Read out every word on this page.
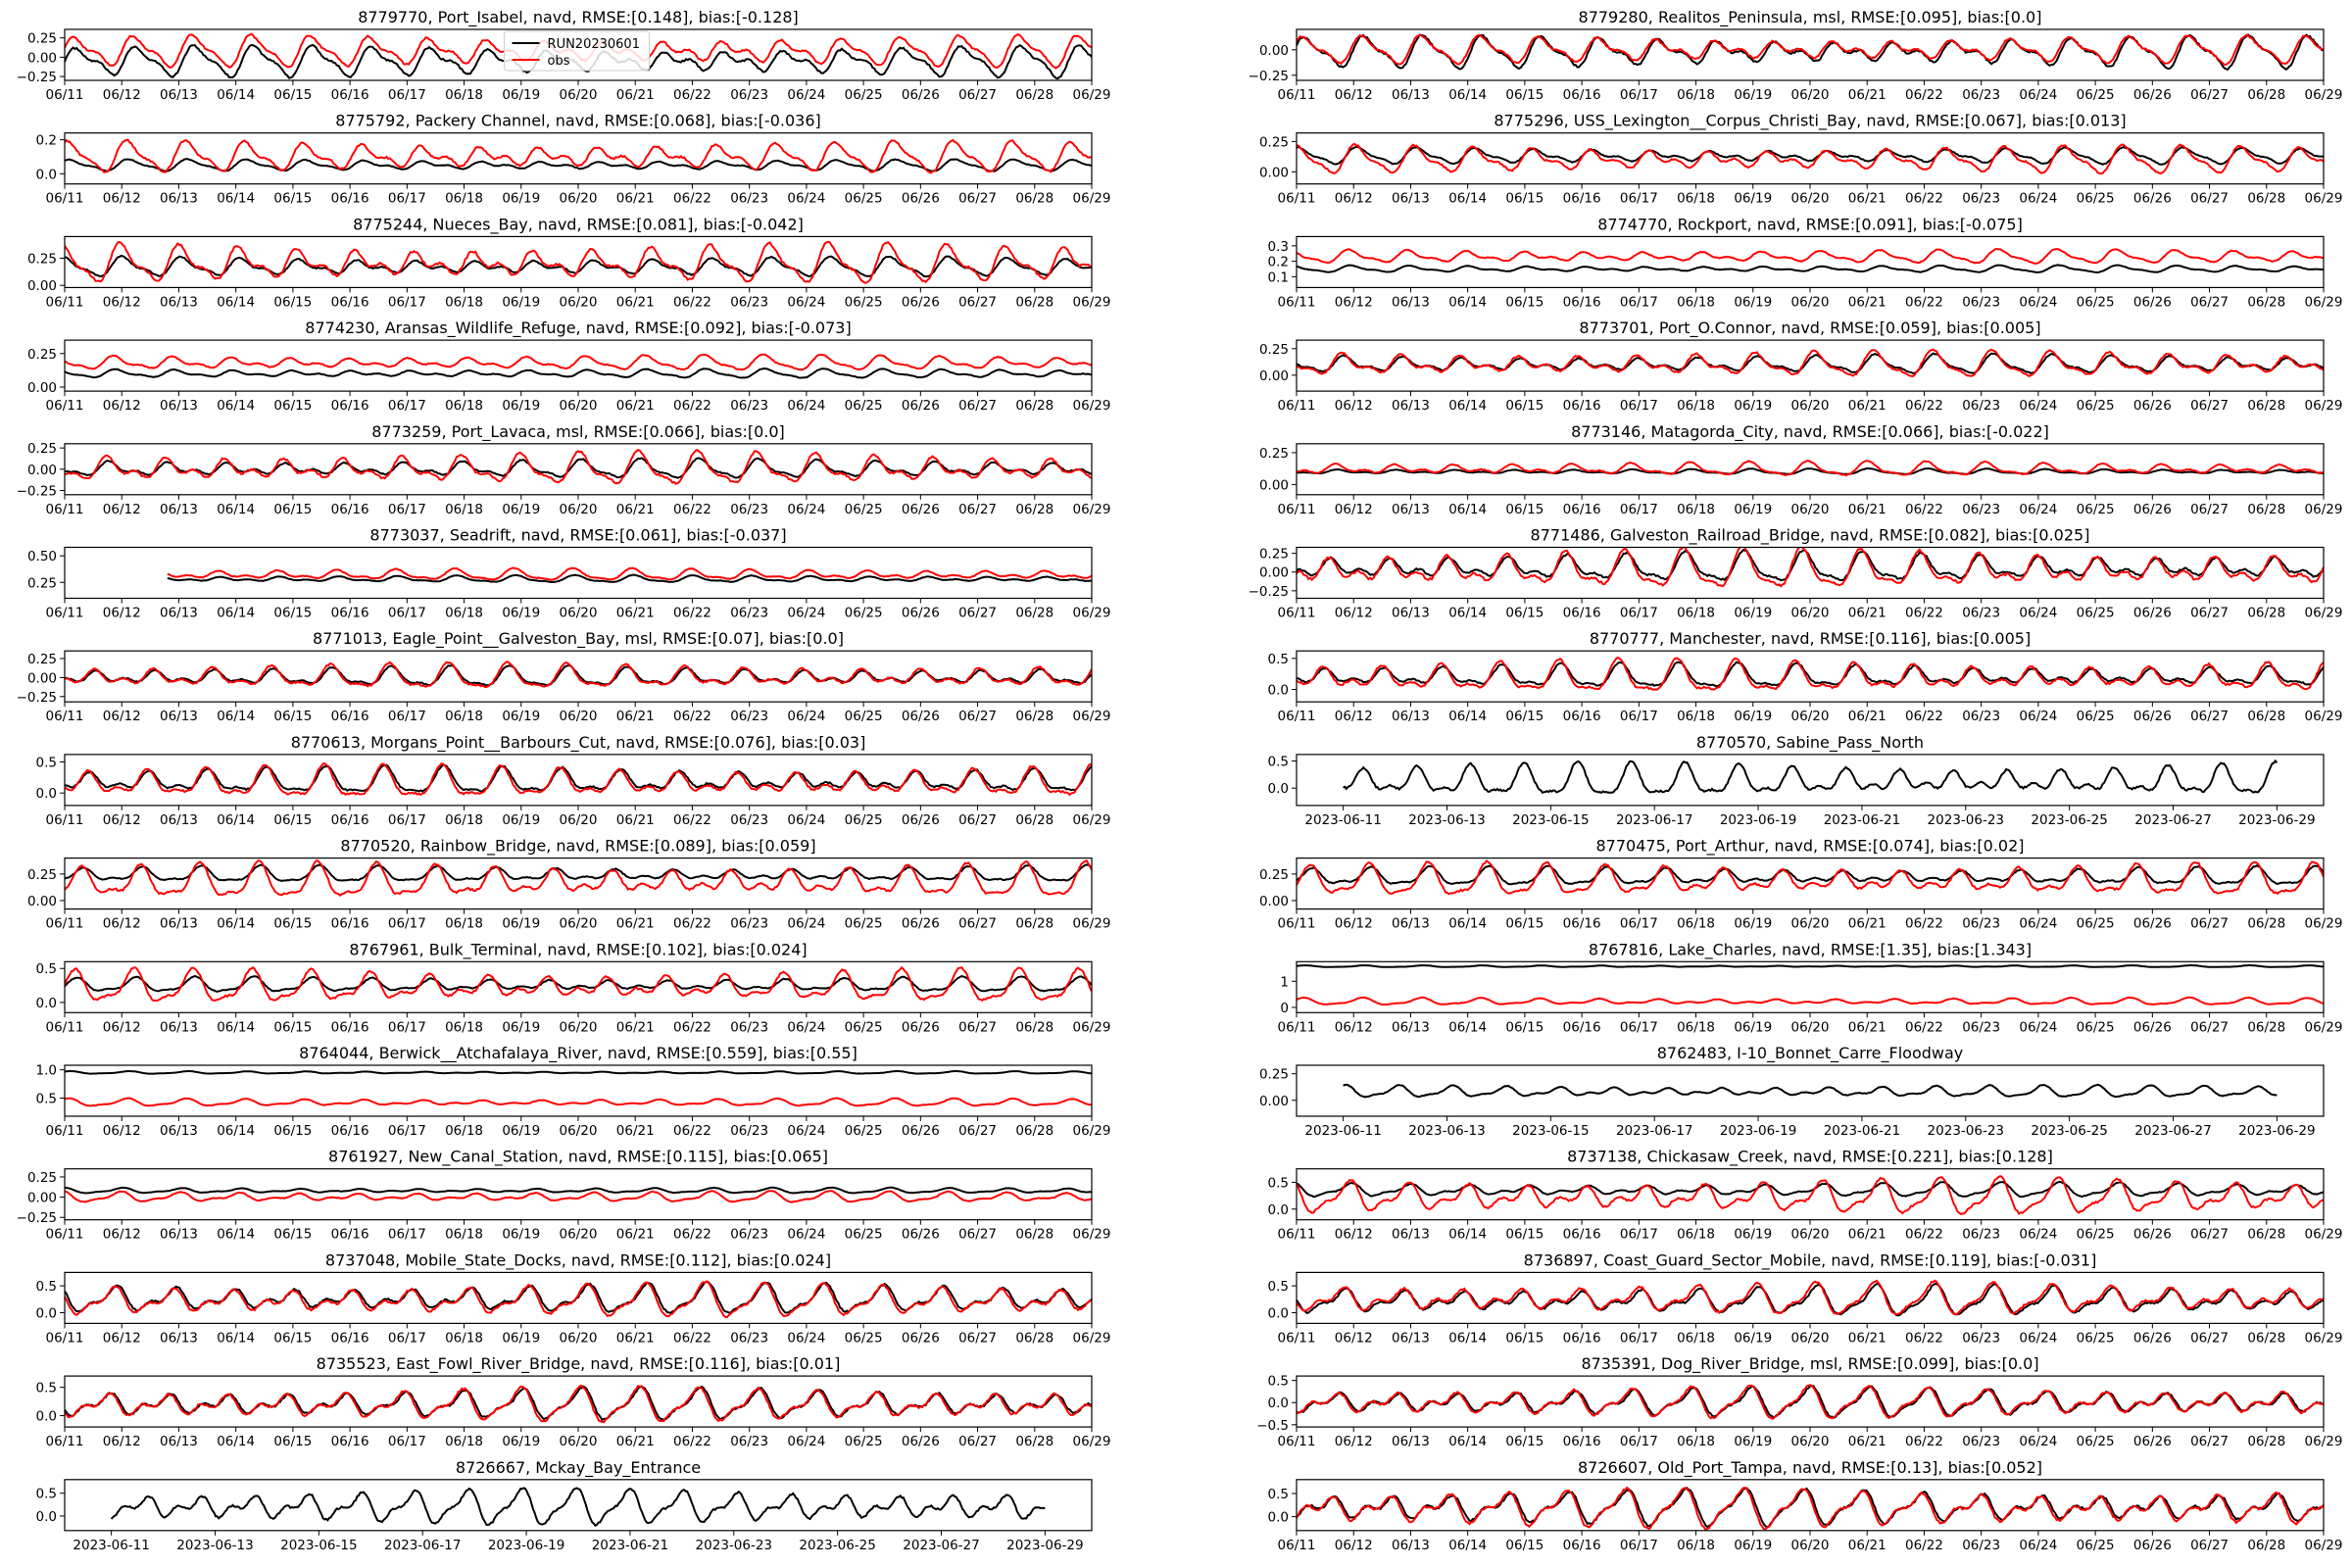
8779770, Port_Isabel, navd, RMSE:[0.148], bias:[-0.128]
0.25
0.00
−0.25
06/11 06/12 06/13 06/14 06/15 06/16 06/17 06/18 06/19 06/20 06/21 06/22 06/23 06/24 06/25 06/26 06/27 06/28 06/29
RUN20230601
obs
8779280, Realitos_Peninsula, msl, RMSE:[0.095], bias:[0.0]
0.00
−0.25
06/11 06/12 06/13 06/14 06/15 06/16 06/17 06/18 06/19 06/20 06/21 06/22 06/23 06/24 06/25 06/26 06/27 06/28 06/29
8775792, Packery Channel, navd, RMSE:[0.068], bias:[-0.036]
0.2
0.0
06/11 06/12 06/13 06/14 06/15 06/16 06/17 06/18 06/19 06/20 06/21 06/22 06/23 06/24 06/25 06/26 06/27 06/28 06/29
8775296, USS_Lexington__Corpus_Christi_Bay, navd, RMSE:[0.067], bias:[0.013]
0.25
0.00
06/11 06/12 06/13 06/14 06/15 06/16 06/17 06/18 06/19 06/20 06/21 06/22 06/23 06/24 06/25 06/26 06/27 06/28 06/29
8775244, Nueces_Bay, navd, RMSE:[0.081], bias:[-0.042]
0.25
0.00
06/11 06/12 06/13 06/14 06/15 06/16 06/17 06/18 06/19 06/20 06/21 06/22 06/23 06/24 06/25 06/26 06/27 06/28 06/29
8774770, Rockport, navd, RMSE:[0.091], bias:[-0.075]
0.3
0.2
0.1
06/11 06/12 06/13 06/14 06/15 06/16 06/17 06/18 06/19 06/20 06/21 06/22 06/23 06/24 06/25 06/26 06/27 06/28 06/29
8774230, Aransas_Wildlife_Refuge, navd, RMSE:[0.092], bias:[-0.073]
0.25
0.00
06/11 06/12 06/13 06/14 06/15 06/16 06/17 06/18 06/19 06/20 06/21 06/22 06/23 06/24 06/25 06/26 06/27 06/28 06/29
8773701, Port_O.Connor, navd, RMSE:[0.059], bias:[0.005]
0.25
0.00
06/11 06/12 06/13 06/14 06/15 06/16 06/17 06/18 06/19 06/20 06/21 06/22 06/23 06/24 06/25 06/26 06/27 06/28 06/29
8773259, Port_Lavaca, msl, RMSE:[0.066], bias:[0.0]
0.25
0.00
−0.25
06/11 06/12 06/13 06/14 06/15 06/16 06/17 06/18 06/19 06/20 06/21 06/22 06/23 06/24 06/25 06/26 06/27 06/28 06/29
8773146, Matagorda_City, navd, RMSE:[0.066], bias:[-0.022]
0.25
0.00
06/11 06/12 06/13 06/14 06/15 06/16 06/17 06/18 06/19 06/20 06/21 06/22 06/23 06/24 06/25 06/26 06/27 06/28 06/29
8773037, Seadrift, navd, RMSE:[0.061], bias:[-0.037]
0.50
0.25
06/11 06/12 06/13 06/14 06/15 06/16 06/17 06/18 06/19 06/20 06/21 06/22 06/23 06/24 06/25 06/26 06/27 06/28 06/29
8771486, Galveston_Railroad_Bridge, navd, RMSE:[0.082], bias:[0.025]
0.25
0.00
−0.25
06/11 06/12 06/13 06/14 06/15 06/16 06/17 06/18 06/19 06/20 06/21 06/22 06/23 06/24 06/25 06/26 06/27 06/28 06/29
8771013, Eagle_Point__Galveston_Bay, msl, RMSE:[0.07], bias:[0.0]
0.25
0.00
−0.25
06/11 06/12 06/13 06/14 06/15 06/16 06/17 06/18 06/19 06/20 06/21 06/22 06/23 06/24 06/25 06/26 06/27 06/28 06/29
8770777, Manchester, navd, RMSE:[0.116], bias:[0.005]
0.5
0.0
06/11 06/12 06/13 06/14 06/15 06/16 06/17 06/18 06/19 06/20 06/21 06/22 06/23 06/24 06/25 06/26 06/27 06/28 06/29
8770613, Morgans_Point__Barbours_Cut, navd, RMSE:[0.076], bias:[0.03]
0.5
0.0
06/11 06/12 06/13 06/14 06/15 06/16 06/17 06/18 06/19 06/20 06/21 06/22 06/23 06/24 06/25 06/26 06/27 06/28 06/29
8770570, Sabine_Pass_North
0.5
0.0
2023-06-11 2023-06-13 2023-06-15 2023-06-17 2023-06-19 2023-06-21 2023-06-23 2023-06-25 2023-06-27 2023-06-29
8770520, Rainbow_Bridge, navd, RMSE:[0.089], bias:[0.059]
0.25
0.00
06/11 06/12 06/13 06/14 06/15 06/16 06/17 06/18 06/19 06/20 06/21 06/22 06/23 06/24 06/25 06/26 06/27 06/28 06/29
8770475, Port_Arthur, navd, RMSE:[0.074], bias:[0.02]
0.25
0.00
06/11 06/12 06/13 06/14 06/15 06/16 06/17 06/18 06/19 06/20 06/21 06/22 06/23 06/24 06/25 06/26 06/27 06/28 06/29
8767961, Bulk_Terminal, navd, RMSE:[0.102], bias:[0.024]
0.5
0.0
06/11 06/12 06/13 06/14 06/15 06/16 06/17 06/18 06/19 06/20 06/21 06/22 06/23 06/24 06/25 06/26 06/27 06/28 06/29
8767816, Lake_Charles, navd, RMSE:[1.35], bias:[1.343]
1
0
06/11 06/12 06/13 06/14 06/15 06/16 06/17 06/18 06/19 06/20 06/21 06/22 06/23 06/24 06/25 06/26 06/27 06/28 06/29
8764044, Berwick__Atchafalaya_River, navd, RMSE:[0.559], bias:[0.55]
1.0
0.5
06/11 06/12 06/13 06/14 06/15 06/16 06/17 06/18 06/19 06/20 06/21 06/22 06/23 06/24 06/25 06/26 06/27 06/28 06/29
8762483, I-10_Bonnet_Carre_Floodway
0.25
0.00
2023-06-11 2023-06-13 2023-06-15 2023-06-17 2023-06-19 2023-06-21 2023-06-23 2023-06-25 2023-06-27 2023-06-29
8761927, New_Canal_Station, navd, RMSE:[0.115], bias:[0.065]
0.25
0.00
−0.25
06/11 06/12 06/13 06/14 06/15 06/16 06/17 06/18 06/19 06/20 06/21 06/22 06/23 06/24 06/25 06/26 06/27 06/28 06/29
8737138, Chickasaw_Creek, navd, RMSE:[0.221], bias:[0.128]
0.5
0.0
06/11 06/12 06/13 06/14 06/15 06/16 06/17 06/18 06/19 06/20 06/21 06/22 06/23 06/24 06/25 06/26 06/27 06/28 06/29
8737048, Mobile_State_Docks, navd, RMSE:[0.112], bias:[0.024]
0.5
0.0
06/11 06/12 06/13 06/14 06/15 06/16 06/17 06/18 06/19 06/20 06/21 06/22 06/23 06/24 06/25 06/26 06/27 06/28 06/29
8736897, Coast_Guard_Sector_Mobile, navd, RMSE:[0.119], bias:[-0.031]
0.5
0.0
06/11 06/12 06/13 06/14 06/15 06/16 06/17 06/18 06/19 06/20 06/21 06/22 06/23 06/24 06/25 06/26 06/27 06/28 06/29
8735523, East_Fowl_River_Bridge, navd, RMSE:[0.116], bias:[0.01]
0.5
0.0
06/11 06/12 06/13 06/14 06/15 06/16 06/17 06/18 06/19 06/20 06/21 06/22 06/23 06/24 06/25 06/26 06/27 06/28 06/29
8735391, Dog_River_Bridge, msl, RMSE:[0.099], bias:[0.0]
0.5
0.0
−0.5
06/11 06/12 06/13 06/14 06/15 06/16 06/17 06/18 06/19 06/20 06/21 06/22 06/23 06/24 06/25 06/26 06/27 06/28 06/29
8726667, Mckay_Bay_Entrance
0.5
0.0
2023-06-11 2023-06-13 2023-06-15 2023-06-17 2023-06-19 2023-06-21 2023-06-23 2023-06-25 2023-06-27 2023-06-29
8726607, Old_Port_Tampa, navd, RMSE:[0.13], bias:[0.052]
0.5
0.0
06/11 06/12 06/13 06/14 06/15 06/16 06/17 06/18 06/19 06/20 06/21 06/22 06/23 06/24 06/25 06/26 06/27 06/28 06/29
